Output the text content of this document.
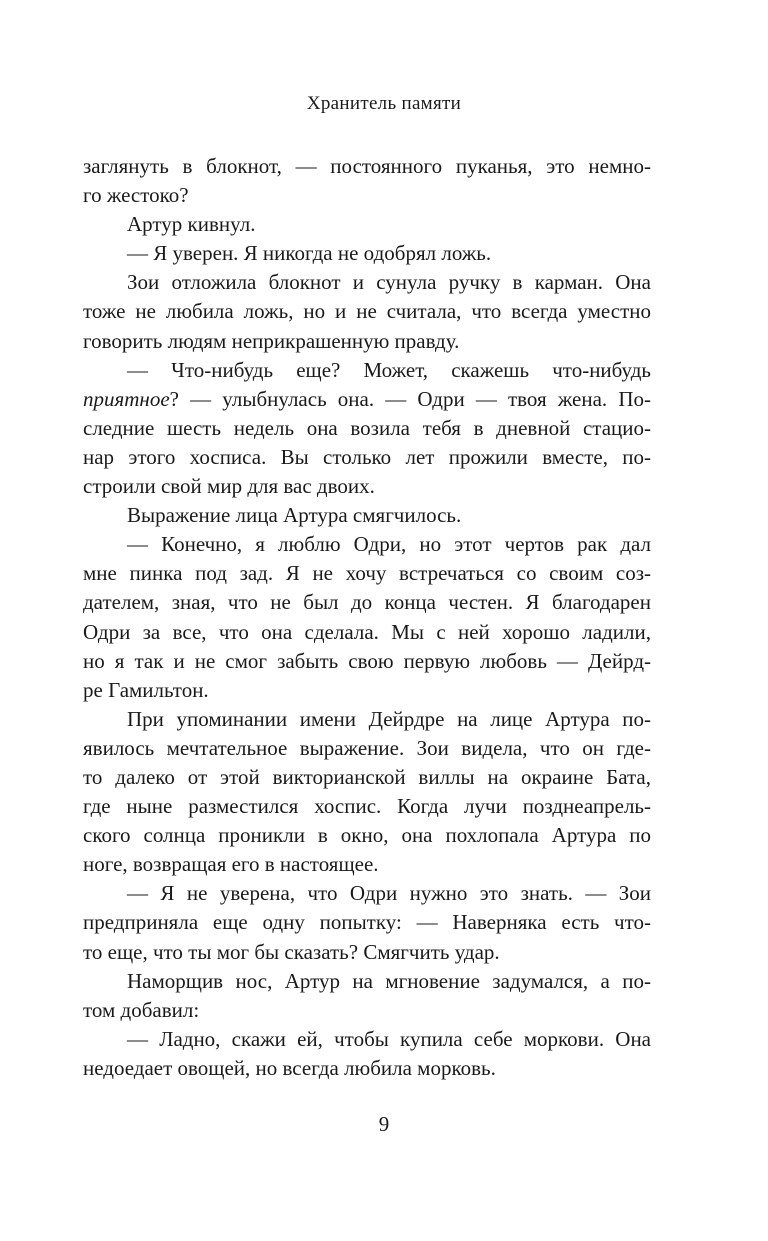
Хранитель памяти
заглянуть в блокнот, — постоянного пуканья, это немно-
го жестоко?
Артур кивнул.
— Я уверен. Я никогда не одобрял ложь.
Зои отложила блокнот и сунула ручку в карман. Она
тоже не любила ложь, но и не считала, что всегда уместно
говорить людям неприкрашенную правду.
— Что-нибудь еще? Может, скажешь что-нибудь
приятное? — улыбнулась она. — Одри — твоя жена. По-
следние шесть недель она возила тебя в дневной стацио-
нар этого хосписа. Вы столько лет прожили вместе, по-
строили свой мир для вас двоих.
Выражение лица Артура смягчилось.
— Конечно, я люблю Одри, но этот чертов рак дал
мне пинка под зад. Я не хочу встречаться со своим соз-
дателем, зная, что не был до конца честен. Я благодарен
Одри за все, что она сделала. Мы с ней хорошо ладили,
но я так и не смог забыть свою первую любовь — Дейрд-
ре Гамильтон.
При упоминании имени Дейрдре на лице Артура по-
явилось мечтательное выражение. Зои видела, что он где-
то далеко от этой викторианской виллы на окраине Бата,
где ныне разместился хоспис. Когда лучи позднеапрель-
ского солнца проникли в окно, она похлопала Артура по
ноге, возвращая его в настоящее.
— Я не уверена, что Одри нужно это знать. — Зои
предприняла еще одну попытку: — Наверняка есть что-
то еще, что ты мог бы сказать? Смягчить удар.
Наморщив нос, Артур на мгновение задумался, а по-
том добавил:
— Ладно, скажи ей, чтобы купила себе моркови. Она
недоедает овощей, но всегда любила морковь.
9
